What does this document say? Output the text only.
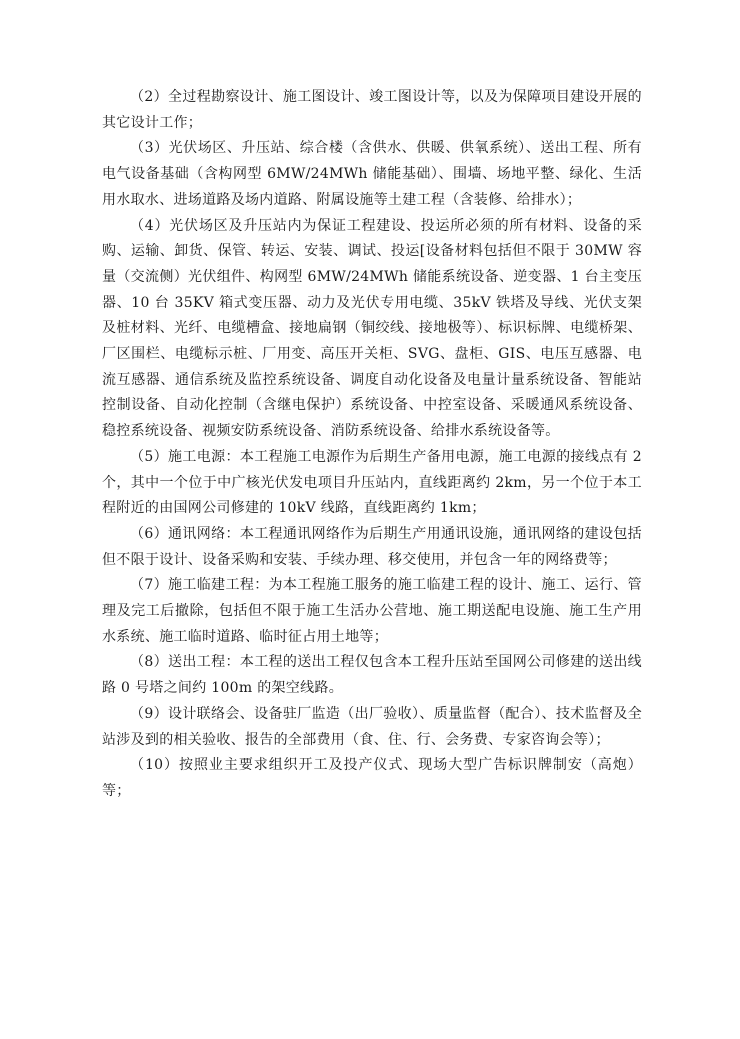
（2）全过程勘察设计、施工图设计、竣工图设计等，以及为保障项目建设开展的其它设计工作；

（3）光伏场区、升压站、综合楼（含供水、供暖、供氧系统）、送出工程、所有电气设备基础（含构网型 6MW/24MWh 储能基础）、围墙、场地平整、绿化、生活用水取水、进场道路及场内道路、附属设施等土建工程（含装修、给排水）；

（4）光伏场区及升压站内为保证工程建设、投运所必须的所有材料、设备的采购、运输、卸货、保管、转运、安装、调试、投运[设备材料包括但不限于 30MW 容量（交流侧）光伏组件、构网型 6MW/24MWh 储能系统设备、逆变器、1 台主变压器、10 台 35KV 箱式变压器、动力及光伏专用电缆、35kV 铁塔及导线、光伏支架及桩材料、光纤、电缆槽盒、接地扁钢（铜绞线、接地极等）、标识标牌、电缆桥架、厂区围栏、电缆标示桩、厂用变、高压开关柜、SVG、盘柜、GIS、电压互感器、电流互感器、通信系统及监控系统设备、调度自动化设备及电量计量系统设备、智能站控制设备、自动化控制（含继电保护）系统设备、中控室设备、采暖通风系统设备、稳控系统设备、视频安防系统设备、消防系统设备、给排水系统设备等。

（5）施工电源：本工程施工电源作为后期生产备用电源，施工电源的接线点有 2 个，其中一个位于中广核光伏发电项目升压站内，直线距离约 2km，另一个位于本工程附近的由国网公司修建的 10kV 线路，直线距离约 1km；

（6）通讯网络：本工程通讯网络作为后期生产用通讯设施，通讯网络的建设包括但不限于设计、设备采购和安装、手续办理、移交使用，并包含一年的网络费等；

（7）施工临建工程：为本工程施工服务的施工临建工程的设计、施工、运行、管理及完工后撤除，包括但不限于施工生活办公营地、施工期送配电设施、施工生产用水系统、施工临时道路、临时征占用土地等；

（8）送出工程：本工程的送出工程仅包含本工程升压站至国网公司修建的送出线路 0 号塔之间约 100m 的架空线路。

（9）设计联络会、设备驻厂监造（出厂验收）、质量监督（配合）、技术监督及全站涉及到的相关验收、报告的全部费用（食、住、行、会务费、专家咨询会等）；

（10）按照业主要求组织开工及投产仪式、现场大型广告标识牌制安（高炮）等；
